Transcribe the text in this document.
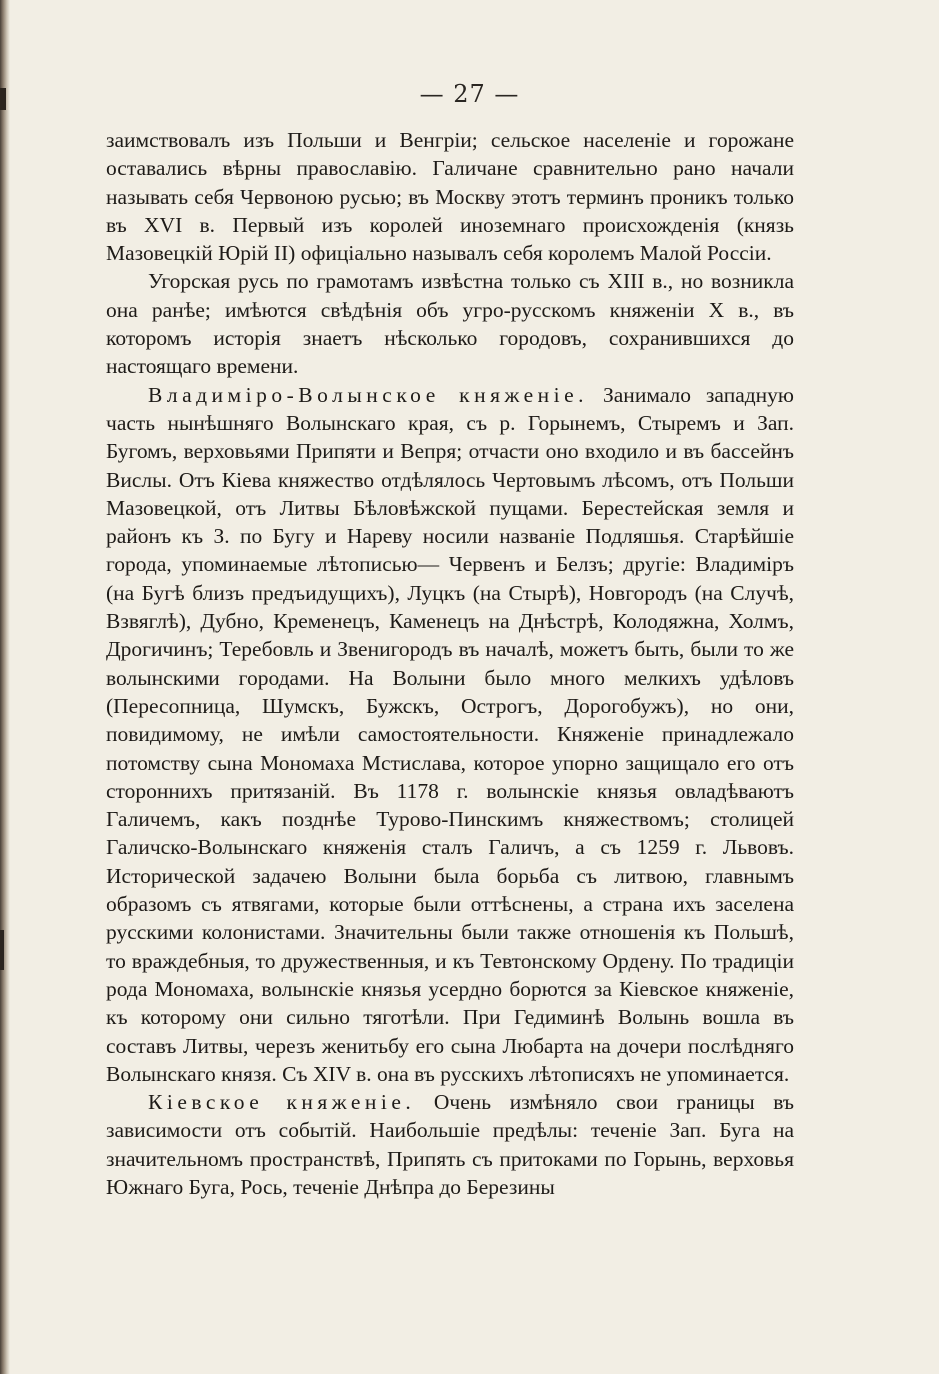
— 27 —

заимствовалъ изъ Польши и Венгріи; сельское населеніе и горожане оставались вѣрны православію. Галичане сравнительно рано начали называть себя Червоною русью; въ Москву этотъ терминъ проникъ только въ XVI в. Первый изъ королей иноземнаго происхожденія (князь Мазовецкій Юрій II) офиціально называлъ себя королемъ Малой Россіи.

Угорская русь по грамотамъ извѣстна только съ XIII в., но возникла она ранѣе; имѣются свѣдѣнія объ угро-русскомъ княженіи X в., въ которомъ исторія знаетъ нѣсколько городовъ, сохранившихся до настоящаго времени.

Владиміро-Волынское княженіе. Занимало западную часть нынѣшняго Волынскаго края, съ р. Горынемъ, Стыремъ и Зап. Бугомъ, верховьями Припяти и Вепря; отчасти оно входило и въ бассейнъ Вислы. Отъ Кіева княжество отдѣлялось Чертовымъ лѣсомъ, отъ Польши Мазовецкой, отъ Литвы Бѣловѣжской пущами. Берестейская земля и районъ къ З. по Бугу и Нареву носили названіе Подляшья. Старѣйшіе города, упоминаемые лѣтописью— Червенъ и Белзъ; другіе: Владиміръ (на Бугѣ близъ предъидущихъ), Луцкъ (на Стырѣ), Новгородъ (на Случѣ, Взвяглѣ), Дубно, Кременецъ, Каменецъ на Днѣстрѣ, Колодяжна, Холмъ, Дрогичинъ; Теребовль и Звенигородъ въ началѣ, можетъ быть, были то же волынскими городами. На Волыни было много мелкихъ удѣловъ (Пересопница, Шумскъ, Бужскъ, Острогъ, Дорогобужъ), но они, повидимому, не имѣли самостоятельности. Княженіе принадлежало потомству сына Мономаха Мстислава, которое упорно защищало его отъ стороннихъ притязаній. Въ 1178 г. волынскіе князья овладѣваютъ Галичемъ, какъ позднѣе Турово-Пинскимъ княжествомъ; столицей Галичско-Волынскаго княженія сталъ Галичъ, а съ 1259 г. Львовъ. Исторической задачею Волыни была борьба съ литвою, главнымъ образомъ съ ятвягами, которые были оттѣснены, а страна ихъ заселена русскими колонистами. Значительны были также отношенія къ Польшѣ, то враждебныя, то дружественныя, и къ Тевтонскому Ордену. По традиціи рода Мономаха, волынскіе князья усердно борются за Кіевское княженіе, къ которому они сильно тяготѣли. При Гедиминѣ Волынь вошла въ составъ Литвы, черезъ женитьбу его сына Любарта на дочери послѣдняго Волынскаго князя. Съ XIV в. она въ русскихъ лѣтописяхъ не упоминается.

Кіевское княженіе. Очень измѣняло свои границы въ зависимости отъ событій. Наибольшіе предѣлы: теченіе Зап. Буга на значительномъ пространствѣ, Припять съ притоками по Горынь, верховья Южнаго Буга, Рось, теченіе Днѣпра до Березины
